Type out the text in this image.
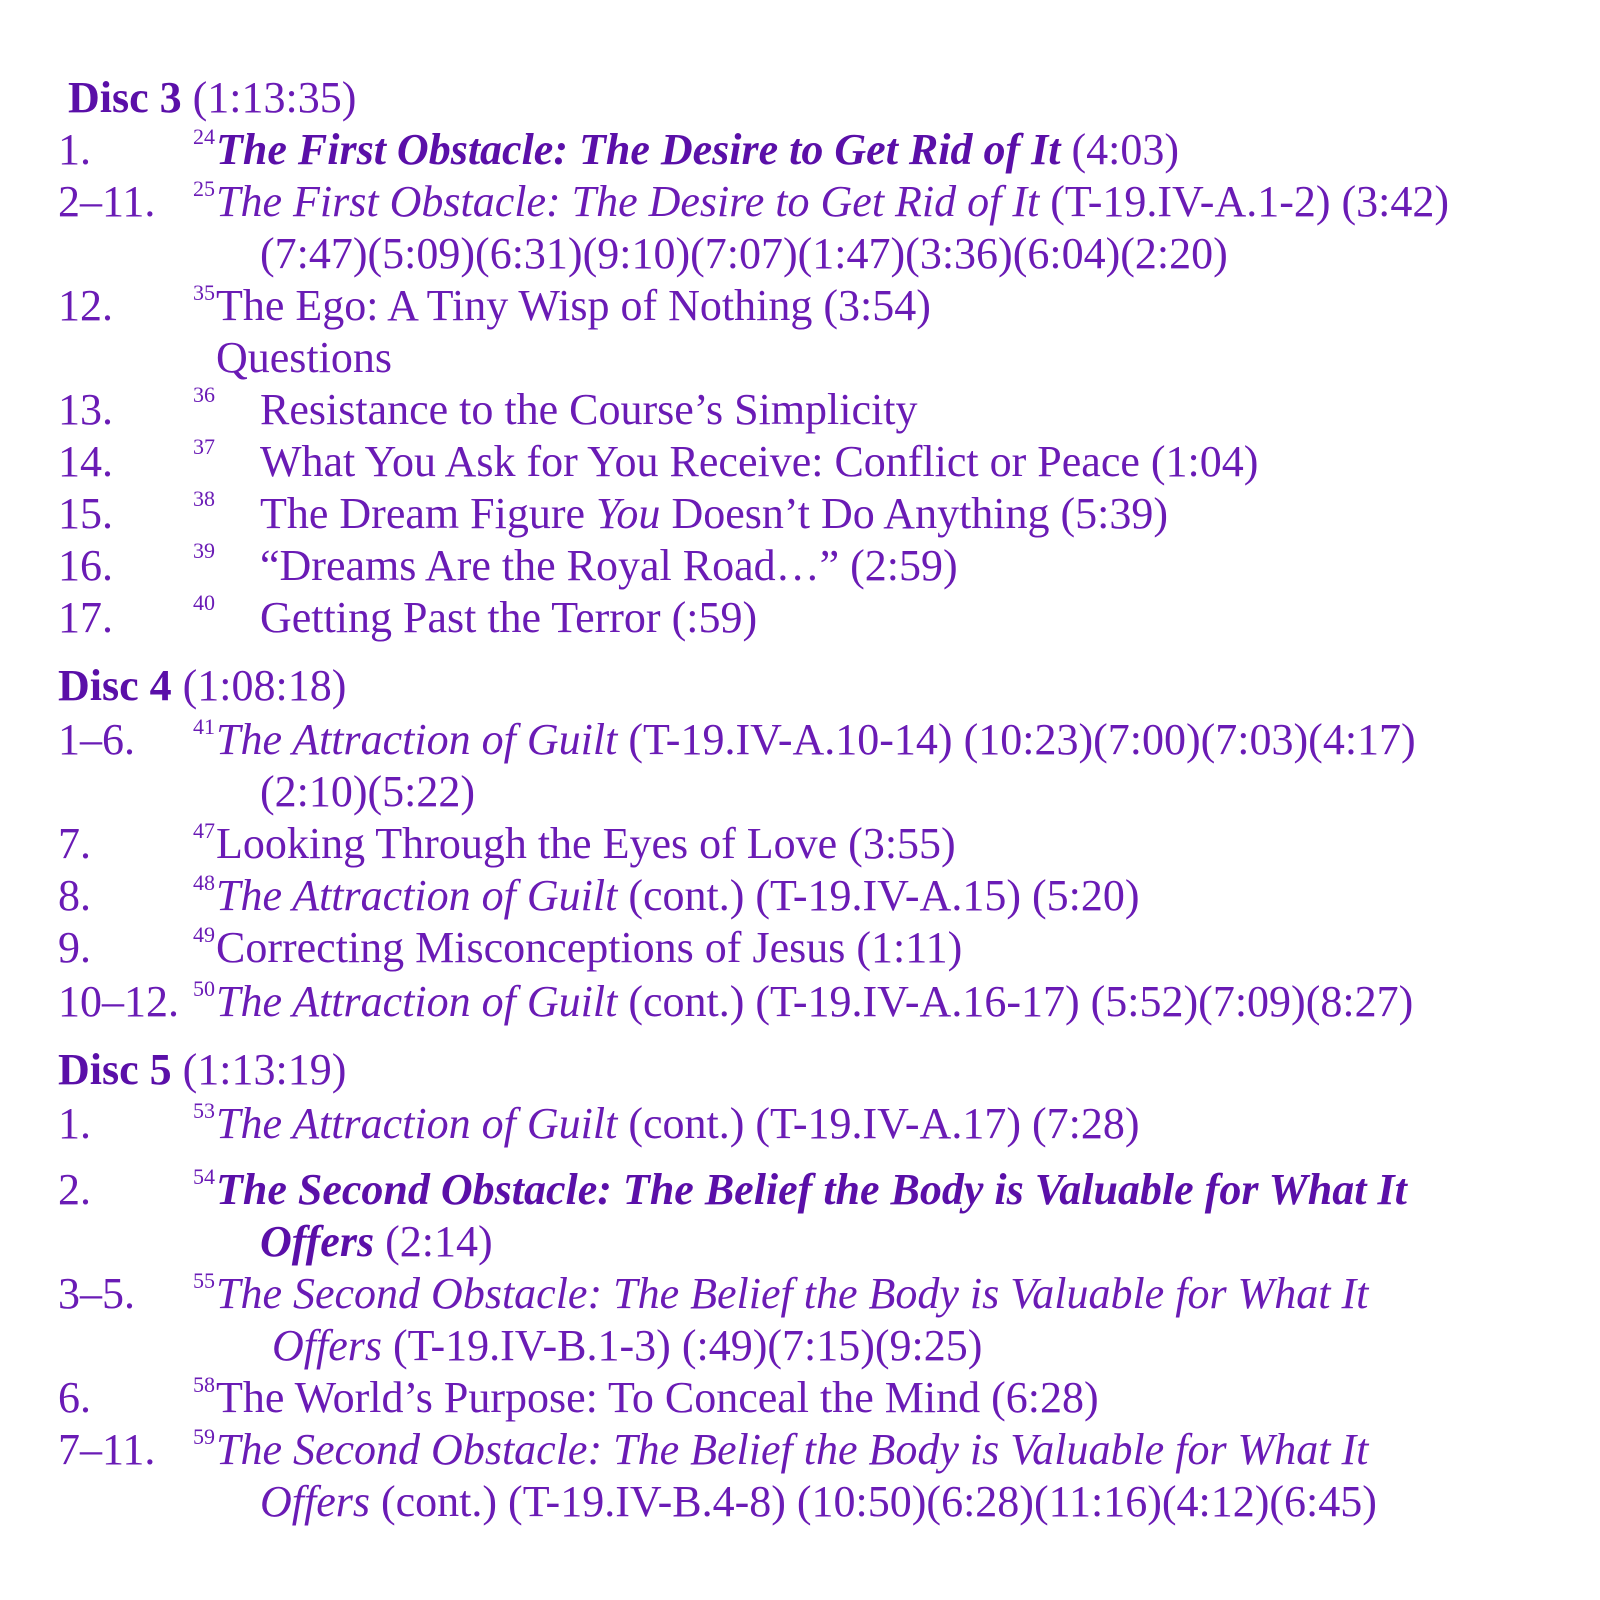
Disc 3 (1:13:35)
1.	24 The First Obstacle: The Desire to Get Rid of It (4:03)
2–11. 25 The First Obstacle: The Desire to Get Rid of It (T-19.IV-A.1-2) (3:42)
(7:47)(5:09)(6:31)(9:10)(7:07)(1:47)(3:36)(6:04)(2:20)
12.	35 The Ego: A Tiny Wisp of Nothing (3:54)
Questions
13.	36 Resistance to the Course’s Simplicity
14.	37 What You Ask for You Receive: Conflict or Peace (1:04)
15.	38 The Dream Figure You Doesn’t Do Anything (5:39)
16.	39 “Dreams Are the Royal Road…” (2:59)
17.	40 Getting Past the Terror (:59)
Disc 4 (1:08:18)
1–6.	41 The Attraction of Guilt (T-19.IV-A.10-14) (10:23)(7:00)(7:03)(4:17)
(2:10)(5:22)
7.	47 Looking Through the Eyes of Love (3:55)
8.	48 The Attraction of Guilt (cont.) (T-19.IV-A.15) (5:20)
9.	49 Correcting Misconceptions of Jesus (1:11)
10–12. 50 The Attraction of Guilt (cont.) (T-19.IV-A.16-17) (5:52)(7:09)(8:27)
Disc 5 (1:13:19)
1.	53 The Attraction of Guilt (cont.) (T-19.IV-A.17) (7:28)
2.	54 The Second Obstacle: The Belief the Body is Valuable for What It
Offers (2:14)
3–5.	55 The Second Obstacle: The Belief the Body is Valuable for What It
Offers (T-19.IV-B.1-3) (:49)(7:15)(9:25)
6.	58 The World’s Purpose: To Conceal the Mind (6:28)
7–11. 59 The Second Obstacle: The Belief the Body is Valuable for What It
Offers (cont.) (T-19.IV-B.4-8) (10:50)(6:28)(11:16)(4:12)(6:45)
